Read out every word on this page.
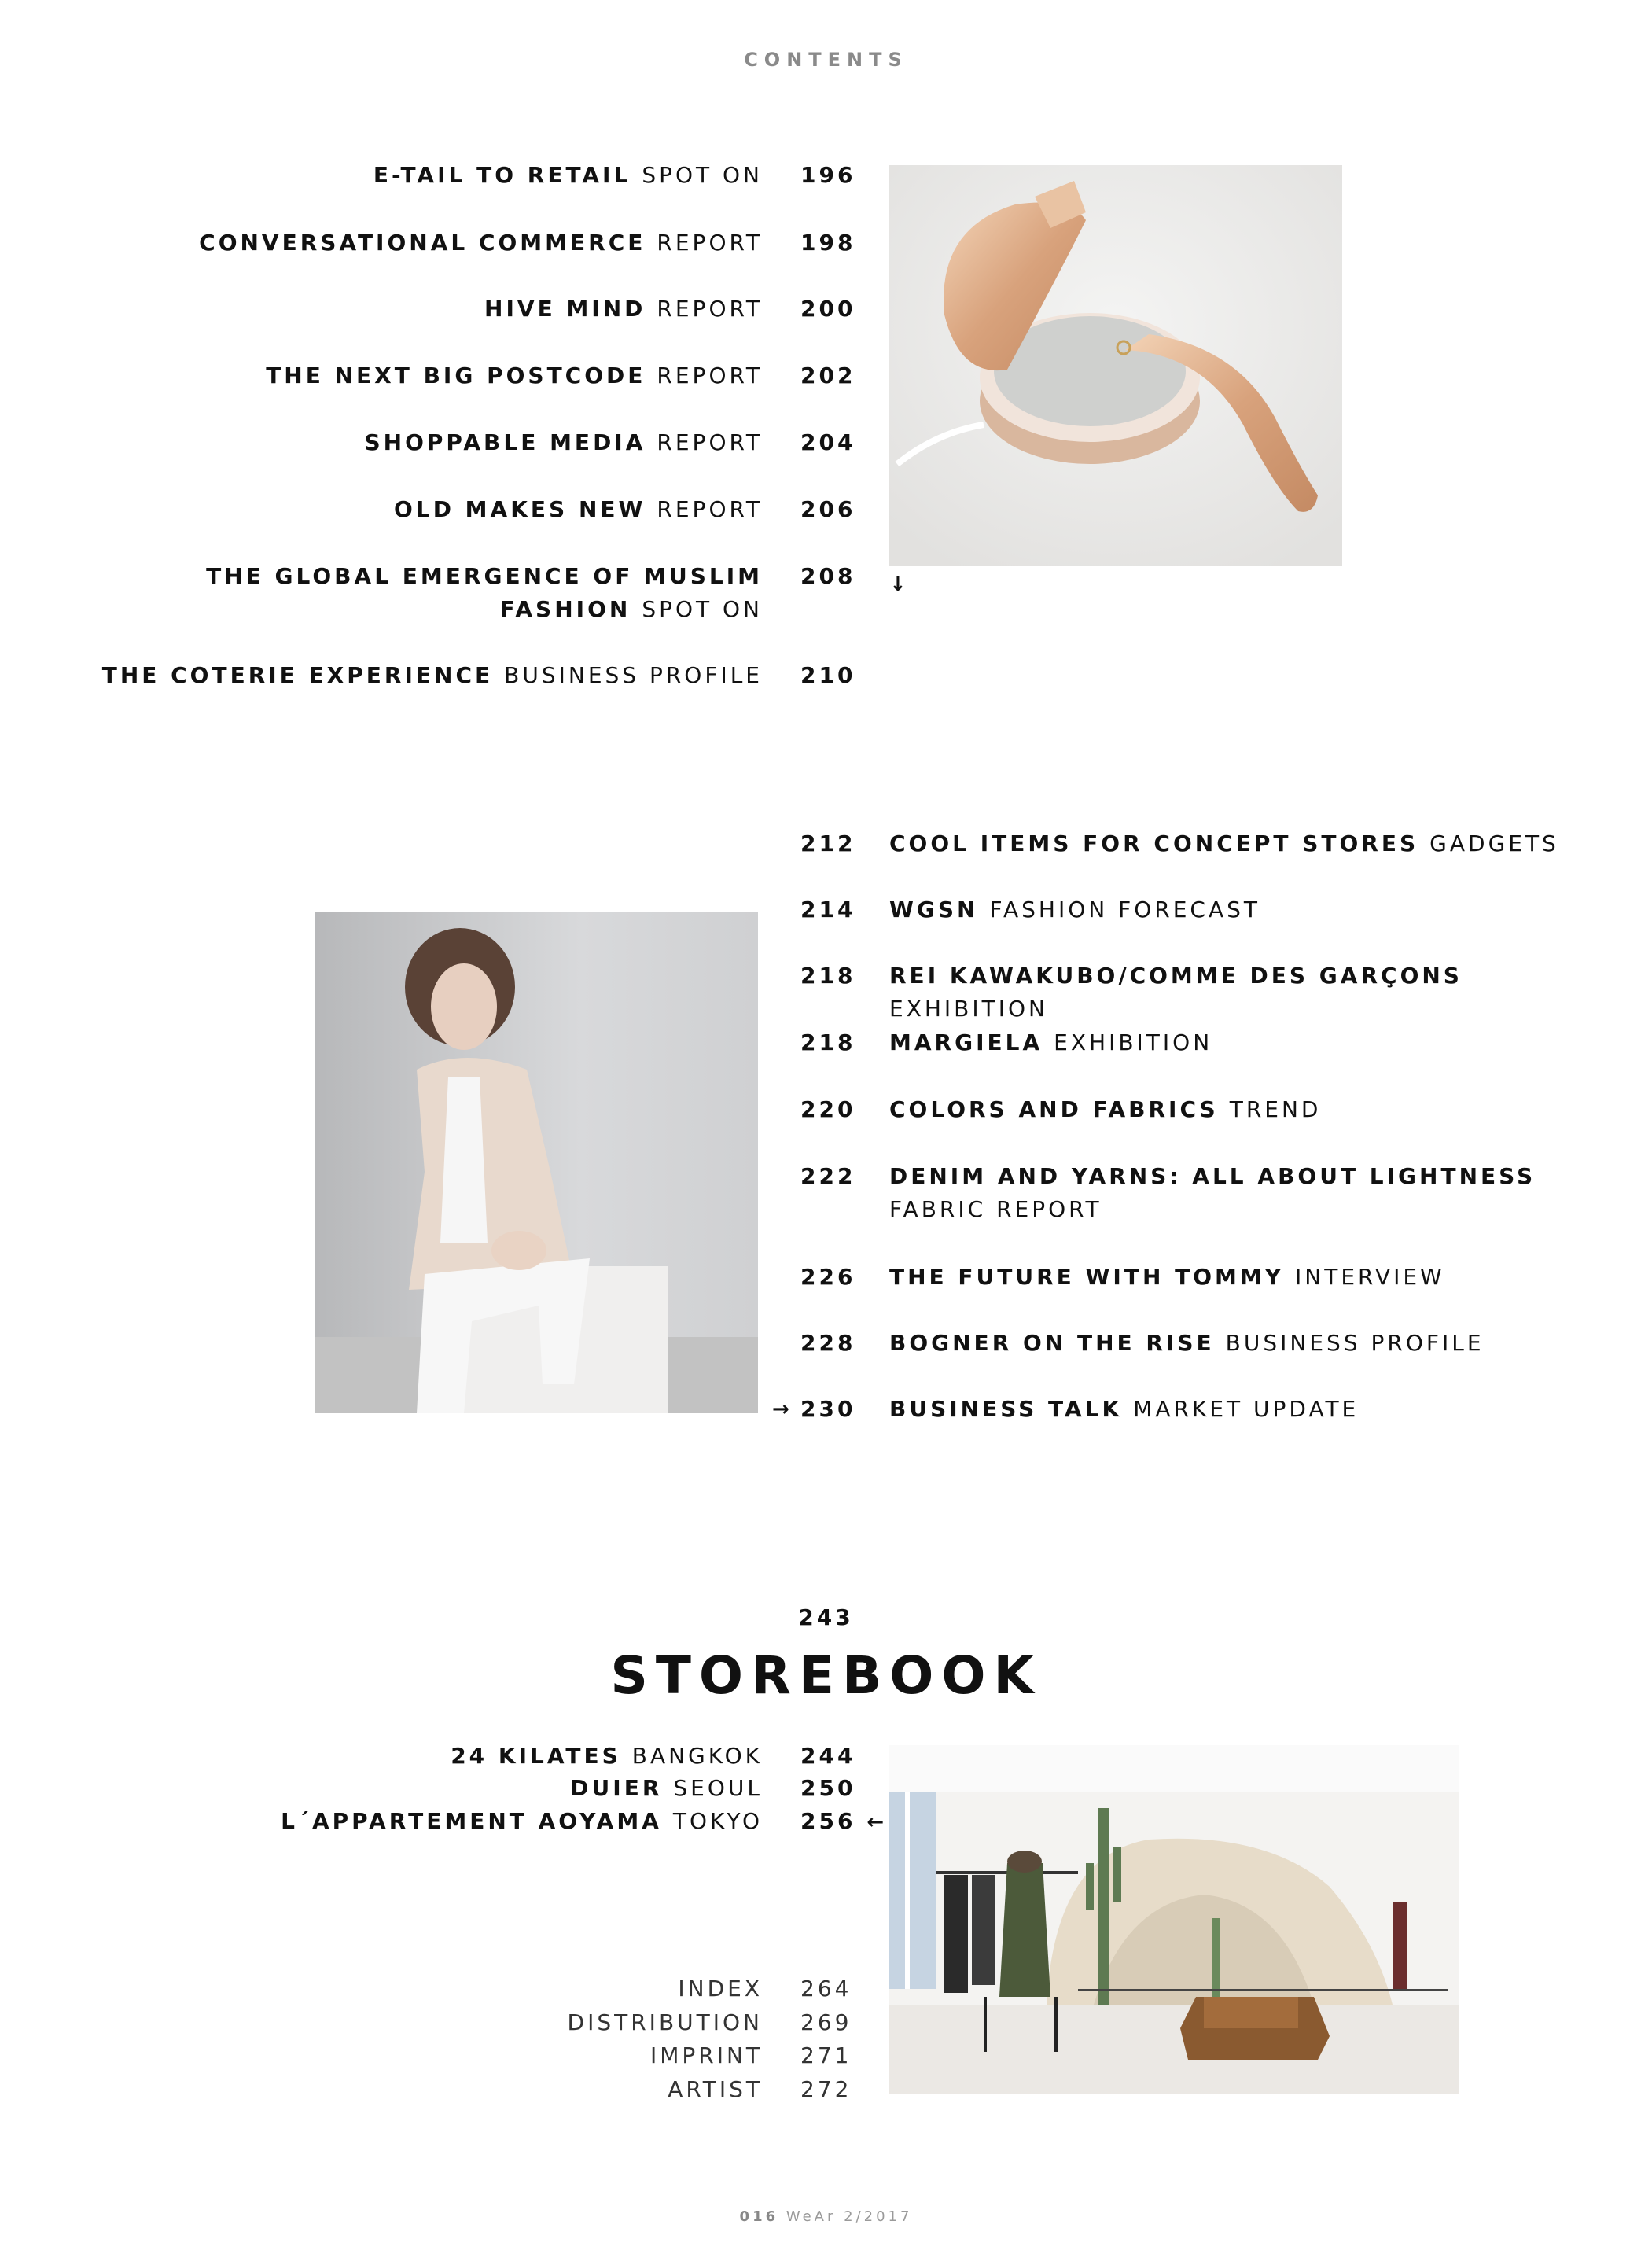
CONTENTS
E-TAIL TO RETAIL SPOT ON 196
CONVERSATIONAL COMMERCE REPORT 198
HIVE MIND REPORT 200
THE NEXT BIG POSTCODE REPORT 202
SHOPPABLE MEDIA REPORT 204
OLD MAKES NEW REPORT 206
THE GLOBAL EMERGENCE OF MUSLIM
FASHION SPOT ON
208
THE COTERIE EXPERIENCE BUSINESS PROFILE 210
↓
212 COOL ITEMS FOR CONCEPT STORES GADGETS
214 WGSN FASHION FORECAST
218 REI KAWAKUBO/COMME DES GARÇONSEXHIBITION
218 MARGIELA EXHIBITION
220 COLORS AND FABRICS TREND
222 DENIM AND YARNS: ALL ABOUT LIGHTNESS
FABRIC REPORT
226 THE FUTURE WITH TOMMY INTERVIEW
228 BOGNER ON THE RISE BUSINESS PROFILE
230 BUSINESS TALK MARKET UPDATE
→
243
STOREBOOK
24 KILATES BANGKOK 244
DUIER SEOUL 250
L´APPARTEMENT AOYAMA TOKYO 256 ←
INDEX 264
DISTRIBUTION 269
IMPRINT 271
ARTIST 272
016 WeAr 2/2017
